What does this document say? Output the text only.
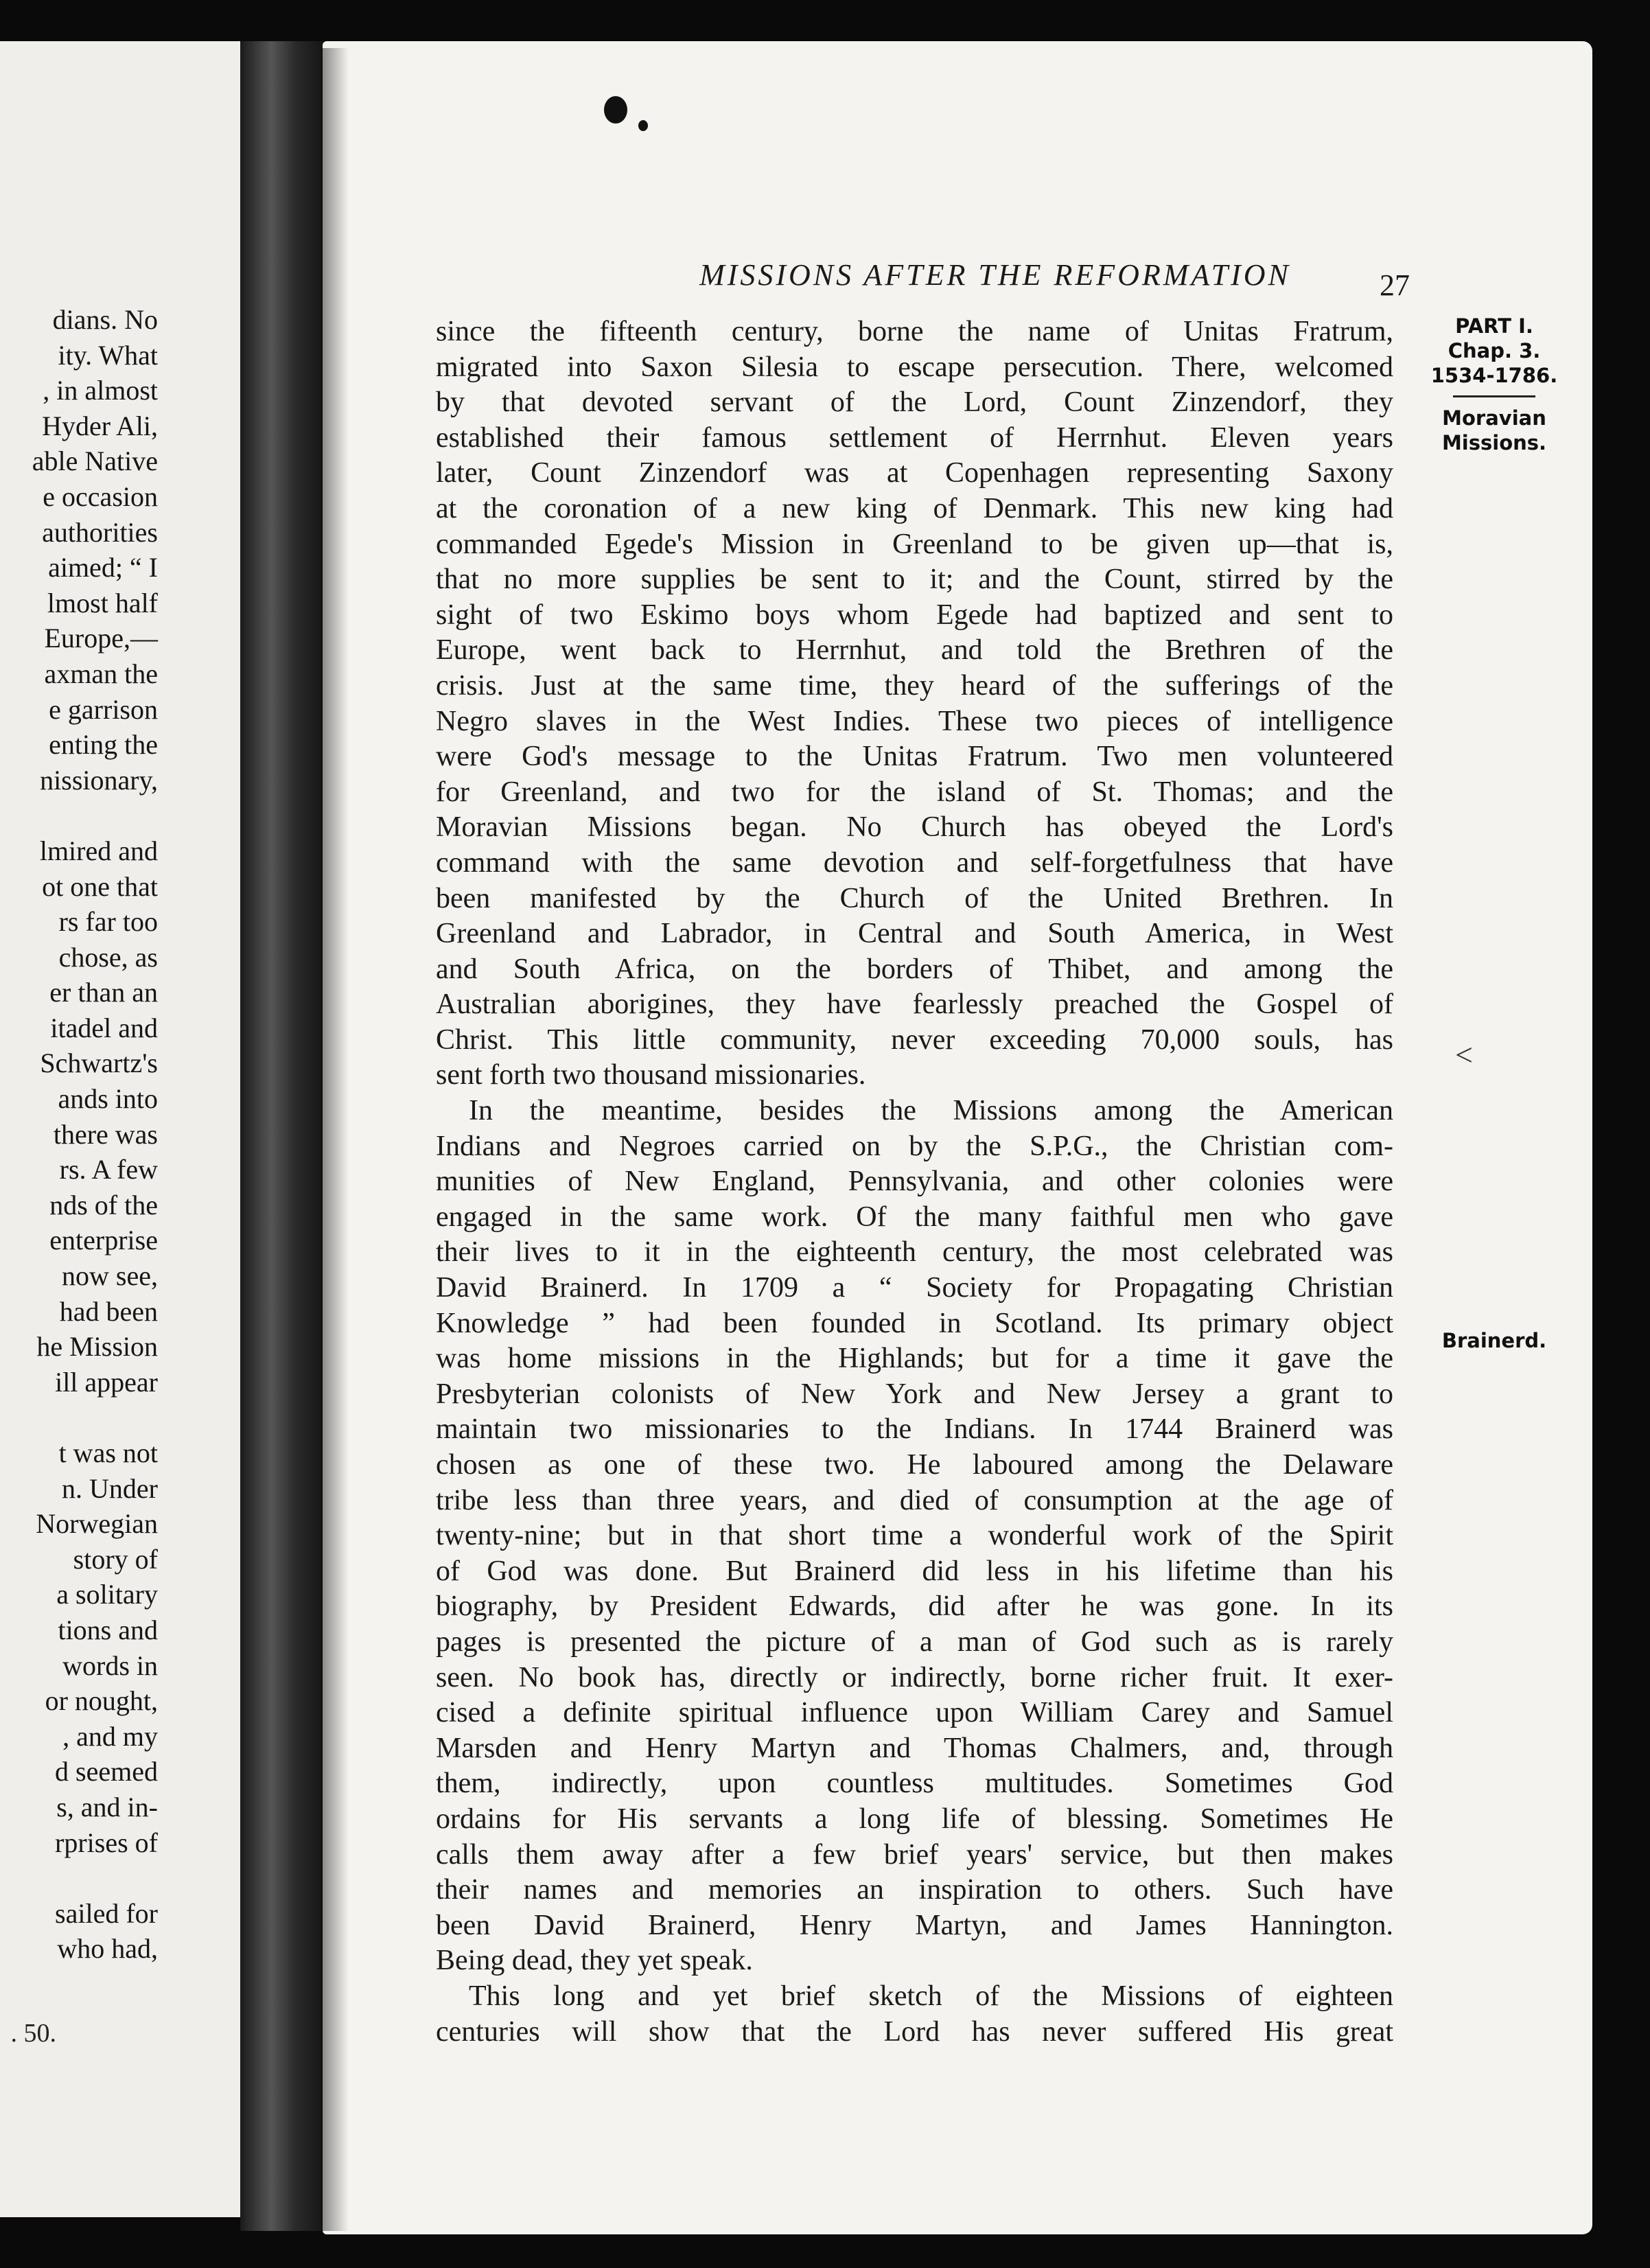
dians. No
ity. What
, in almost
Hyder Ali,
able Native
e occasion
authorities
aimed; “ I
lmost half
Europe,—
axman the
e garrison
enting the
nissionary,
lmired and
ot one that
rs far too
chose, as
er than an
itadel and
Schwartz's
ands into
there was
rs. A few
nds of the
enterprise
now see,
had been
he Mission
ill appear
t was not
n. Under
Norwegian
story of
a solitary
tions and
words in
or nought,
, and my
d seemed
s, and in-
rprises of
sailed for
who had,
. 50.
MISSIONS AFTER THE REFORMATION	27
since the fifteenth century, borne the name of Unitas Fratrum,
migrated into Saxon Silesia to escape persecution. There, welcomed
by that devoted servant of the Lord, Count Zinzendorf, they
established their famous settlement of Herrnhut. Eleven years
later, Count Zinzendorf was at Copenhagen representing Saxony
at the coronation of a new king of Denmark. This new king had
commanded Egede's Mission in Greenland to be given up—that is,
that no more supplies be sent to it; and the Count, stirred by the
sight of two Eskimo boys whom Egede had baptized and sent to
Europe, went back to Herrnhut, and told the Brethren of the
crisis. Just at the same time, they heard of the sufferings of the
Negro slaves in the West Indies. These two pieces of intelligence
were God's message to the Unitas Fratrum. Two men volunteered
for Greenland, and two for the island of St. Thomas; and the
Moravian Missions began. No Church has obeyed the Lord's
command with the same devotion and self-forgetfulness that have
been manifested by the Church of the United Brethren. In
Greenland and Labrador, in Central and South America, in West
and South Africa, on the borders of Thibet, and among the
Australian aborigines, they have fearlessly preached the Gospel of
Christ. This little community, never exceeding 70,000 souls, has
sent forth two thousand missionaries.
In the meantime, besides the Missions among the American
Indians and Negroes carried on by the S.P.G., the Christian com-
munities of New England, Pennsylvania, and other colonies were
engaged in the same work. Of the many faithful men who gave
their lives to it in the eighteenth century, the most celebrated was
David Brainerd. In 1709 a “ Society for Propagating Christian
Knowledge ” had been founded in Scotland. Its primary object
was home missions in the Highlands; but for a time it gave the
Presbyterian colonists of New York and New Jersey a grant to
maintain two missionaries to the Indians. In 1744 Brainerd was
chosen as one of these two. He laboured among the Delaware
tribe less than three years, and died of consumption at the age of
twenty-nine; but in that short time a wonderful work of the Spirit
of God was done. But Brainerd did less in his lifetime than his
biography, by President Edwards, did after he was gone. In its
pages is presented the picture of a man of God such as is rarely
seen. No book has, directly or indirectly, borne richer fruit. It exer-
cised a definite spiritual influence upon William Carey and Samuel
Marsden and Henry Martyn and Thomas Chalmers, and, through
them, indirectly, upon countless multitudes. Sometimes God
ordains for His servants a long life of blessing. Sometimes He
calls them away after a few brief years' service, but then makes
their names and memories an inspiration to others. Such have
been David Brainerd, Henry Martyn, and James Hannington.
Being dead, they yet speak.
This long and yet brief sketch of the Missions of eighteen
centuries will show that the Lord has never suffered His great
PART I.
Chap. 3.
1534-1786.
Moravian
Missions.
Brainerd.
<
